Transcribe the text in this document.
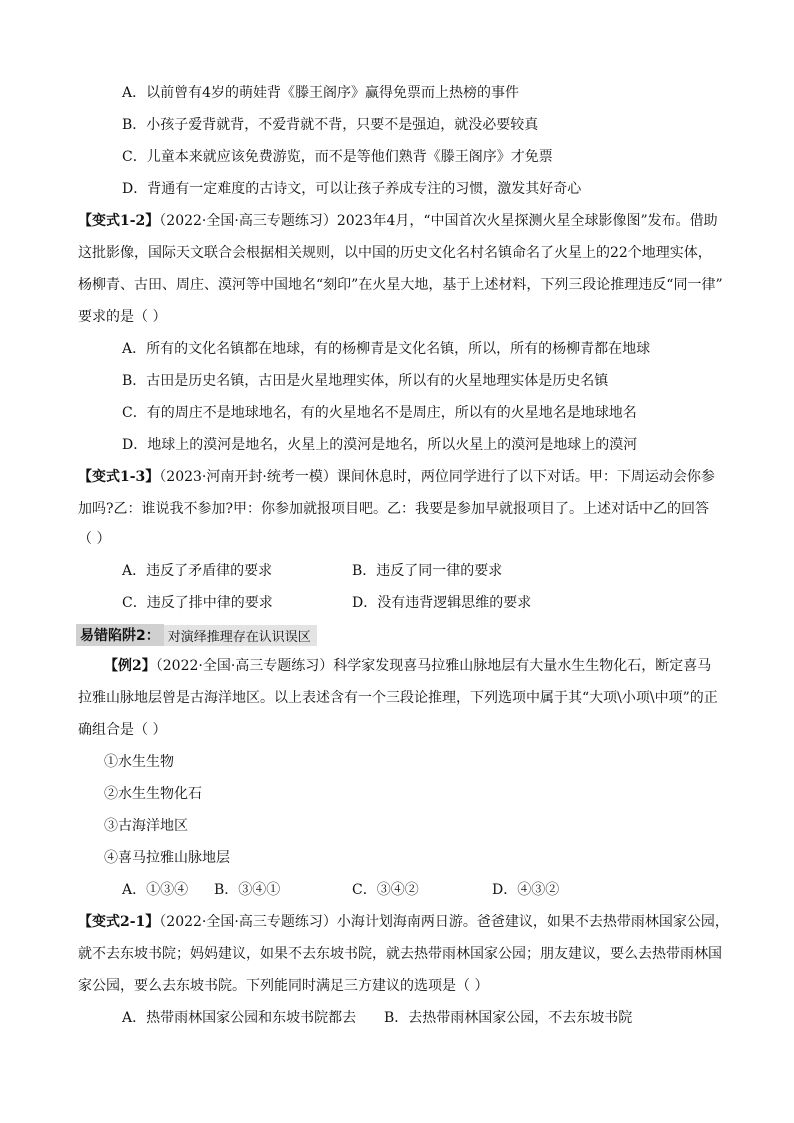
A．以前曾有4岁的萌娃背《滕王阁序》赢得免票而上热榜的事件
B．小孩子爱背就背，不爱背就不背，只要不是强迫，就没必要较真
C．儿童本来就应该免费游览，而不是等他们熟背《滕王阁序》才免票
D．背通有一定难度的古诗文，可以让孩子养成专注的习惯，激发其好奇心
【变式1-2】（2022·全国·高三专题练习）2023年4月，“中国首次火星探测火星全球影像图”发布。借助
这批影像，国际天文联合会根据相关规则，以中国的历史文化名村名镇命名了火星上的22个地理实体，
杨柳青、古田、周庄、漠河等中国地名“刻印”在火星大地，基于上述材料，下列三段论推理违反“同一律”
要求的是（ ）
A．所有的文化名镇都在地球，有的杨柳青是文化名镇，所以，所有的杨柳青都在地球
B．古田是历史名镇，古田是火星地理实体，所以有的火星地理实体是历史名镇
C．有的周庄不是地球地名，有的火星地名不是周庄，所以有的火星地名是地球地名
D．地球上的漠河是地名，火星上的漠河是地名，所以火星上的漠河是地球上的漠河
【变式1-3】（2023·河南开封·统考一模）课间休息时，两位同学进行了以下对话。甲：下周运动会你参
加吗?乙：谁说我不参加?甲：你参加就报项目吧。乙：我要是参加早就报项目了。上述对话中乙的回答
（ ）
A．违反了矛盾律的要求	B．违反了同一律的要求
C．违反了排中律的要求	D．没有违背逻辑思维的要求
易错陷阱2： 对演绎推理存在认识误区
【例2】（2022·全国·高三专题练习）科学家发现喜马拉雅山脉地层有大量水生生物化石，断定喜马
拉雅山脉地层曾是古海洋地区。以上表述含有一个三段论推理，下列选项中属于其“大项\小项\中项”的正
确组合是（ ）
①水生生物
②水生生物化石
③古海洋地区
④喜马拉雅山脉地层
A．①③④ B．③④①	C．③④②	D．④③②
【变式2-1】（2022·全国·高三专题练习）小海计划海南两日游。爸爸建议，如果不去热带雨林国家公园，
就不去东坡书院；妈妈建议，如果不去东坡书院，就去热带雨林国家公园；朋友建议，要么去热带雨林国
家公园，要么去东坡书院。下列能同时满足三方建议的选项是（ ）
A．热带雨林国家公园和东坡书院都去 B．去热带雨林国家公园，不去东坡书院
